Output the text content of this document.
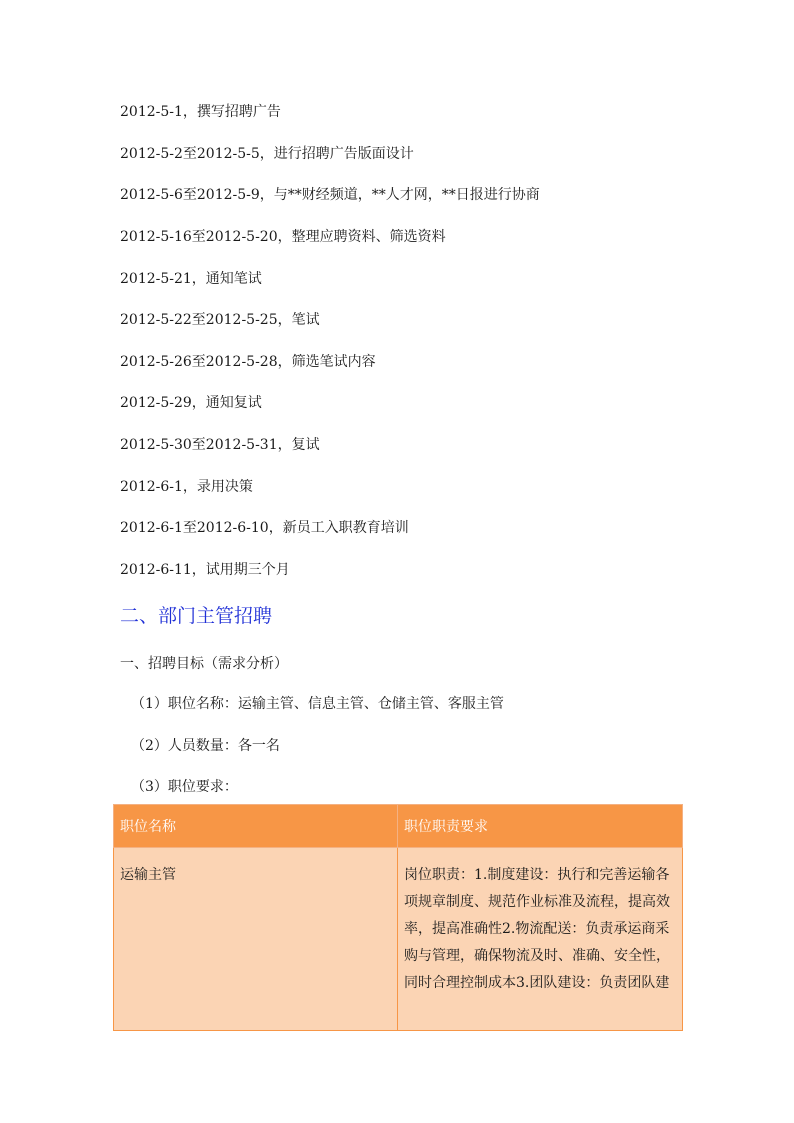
2012-5-1，撰写招聘广告
2012-5-2至2012-5-5，进行招聘广告版面设计
2012-5-6至2012-5-9，与**财经频道，**人才网，**日报进行协商
2012-5-16至2012-5-20，整理应聘资料、筛选资料
2012-5-21，通知笔试
2012-5-22至2012-5-25，笔试
2012-5-26至2012-5-28，筛选笔试内容
2012-5-29，通知复试
2012-5-30至2012-5-31，复试
2012-6-1，录用决策
2012-6-1至2012-6-10，新员工入职教育培训
2012-6-11，试用期三个月
二、部门主管招聘
一、招聘目标（需求分析）
（1）职位名称：运输主管、信息主管、仓储主管、客服主管
（2）人员数量：各一名
（3）职位要求：
职位名称	职位职责要求
运输主管	岗位职责：1.制度建设：执行和完善运输各项规章制度、规范作业标准及流程，提高效率，提高准确性2.物流配送：负责承运商采购与管理，确保物流及时、准确、安全性，同时合理控制成本3.团队建设：负责团队建
